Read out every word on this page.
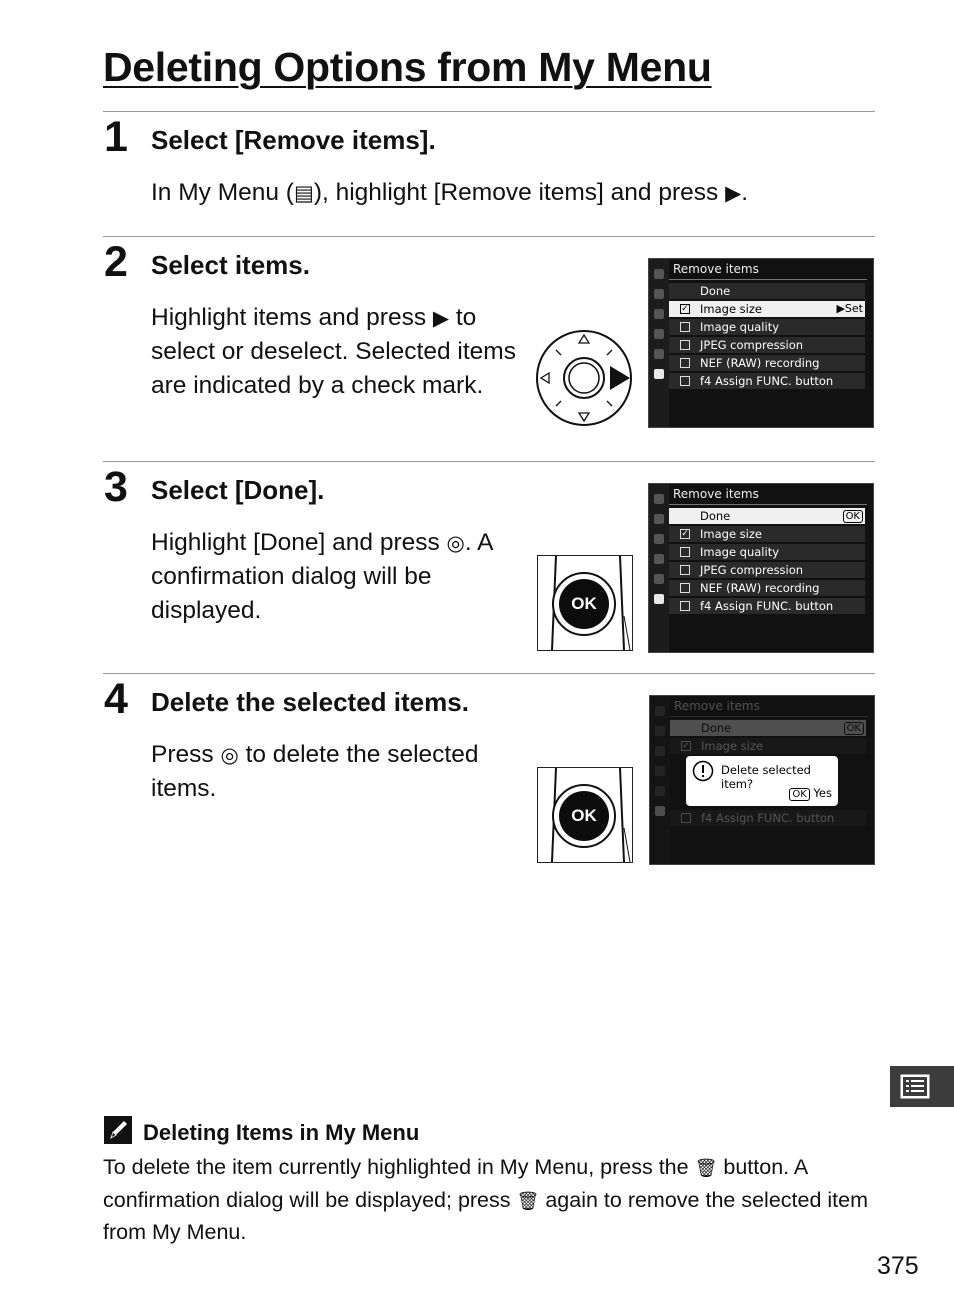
Deleting Options from My Menu
1 Select [Remove items].

In My Menu (▤), highlight [Remove items] and press ▶.

2 Select items.

Highlight items and press ▶ to select or deselect. Selected items are indicated by a check mark.

Remove items
Done
✓ Image size	▶Set
Image quality
JPEG compression
NEF (RAW) recording
f4 Assign FUNC. button
3 Select [Done].

Highlight [Done] and press ◎. A confirmation dialog will be displayed.	OK
Remove items
Done	OK
✓ Image size
Image quality
JPEG compression
NEF (RAW) recording
f4 Assign FUNC. button
4 Delete the selected items.

Press ◎ to delete the selected items.

OK
Remove items
Done	OK
✓ Image size
f4 Assign FUNC. button
Delete selected item?
OK Yes
Deleting Items in My Menu

To delete the item currently highlighted in My Menu, press the 🗑 button. A confirmation dialog will be displayed; press 🗑 again to remove the selected item from My Menu.

375
